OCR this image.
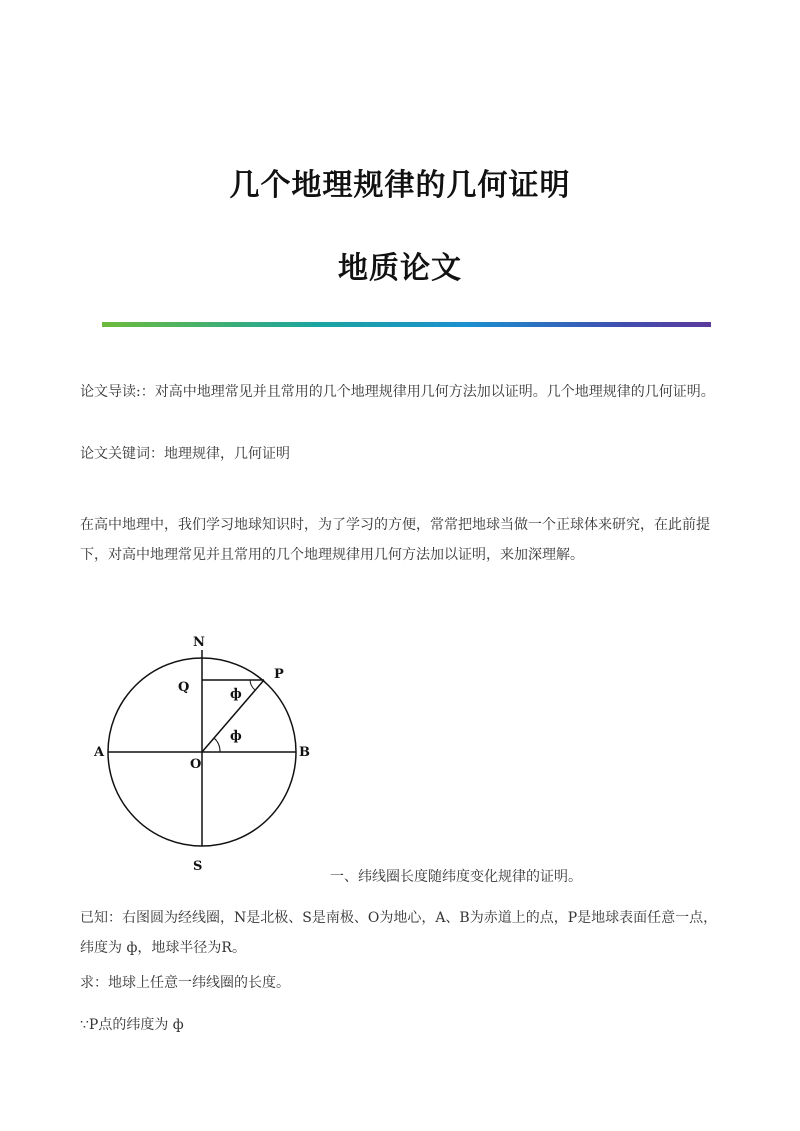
几个地理规律的几何证明
地质论文

论文导读:：对高中地理常见并且常用的几个地理规律用几何方法加以证明。几个地理规律的几何证明。

论文关键词：地理规律，几何证明

在高中地理中，我们学习地球知识时，为了学习的方便，常常把地球当做一个正球体来研究，在此前提下，对高中地理常见并且常用的几个地理规律用几何方法加以证明，来加深理解。

N
S
A	B
O
P
Q	ф
ф

一、纬线圈长度随纬度变化规律的证明。

已知：右图圆为经线圈，N是北极、S是南极、O为地心，A、B为赤道上的点，P是地球表面任意一点，纬度为 ф，地球半径为R。

求：地球上任意一纬线圈的长度。

∵P点的纬度为 ф
